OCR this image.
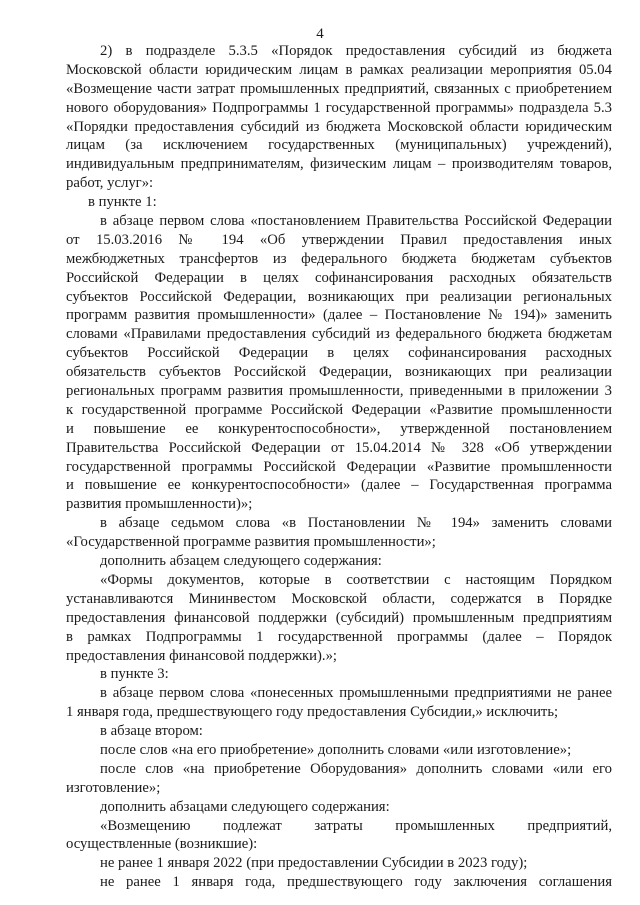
4
2) в подразделе 5.3.5 «Порядок предоставления субсидий из бюджета
Московской области юридическим лицам в рамках реализации мероприятия 05.04
«Возмещение части затрат промышленных предприятий, связанных с приобретением
нового оборудования» Подпрограммы 1 государственной программы» подраздела 5.3
«Порядки предоставления субсидий из бюджета Московской области юридическим
лицам (за исключением государственных (муниципальных) учреждений),
индивидуальным предпринимателям, физическим лицам – производителям товаров,
работ, услуг»:
в пункте 1:
в абзаце первом слова «постановлением Правительства Российской Федерации
от 15.03.2016 № 194 «Об утверждении Правил предоставления иных
межбюджетных трансфертов из федерального бюджета бюджетам субъектов
Российской Федерации в целях софинансирования расходных обязательств
субъектов Российской Федерации, возникающих при реализации региональных
программ развития промышленности» (далее – Постановление № 194)» заменить
словами «Правилами предоставления субсидий из федерального бюджета бюджетам
субъектов Российской Федерации в целях софинансирования расходных
обязательств субъектов Российской Федерации, возникающих при реализации
региональных программ развития промышленности, приведенными в приложении 3
к государственной программе Российской Федерации «Развитие промышленности
и повышение ее конкурентоспособности», утвержденной постановлением
Правительства Российской Федерации от 15.04.2014 № 328 «Об утверждении
государственной программы Российской Федерации «Развитие промышленности
и повышение ее конкурентоспособности» (далее – Государственная программа
развития промышленности)»;
в абзаце седьмом слова «в Постановлении № 194» заменить словами
«Государственной программе развития промышленности»;
дополнить абзацем следующего содержания:
«Формы документов, которые в соответствии с настоящим Порядком
устанавливаются Мининвестом Московской области, содержатся в Порядке
предоставления финансовой поддержки (субсидий) промышленным предприятиям
в рамках Подпрограммы 1 государственной программы (далее – Порядок
предоставления финансовой поддержки).»;
в пункте 3:
в абзаце первом слова «понесенных промышленными предприятиями не ранее
1 января года, предшествующего году предоставления Субсидии,» исключить;
в абзаце втором:
после слов «на его приобретение» дополнить словами «или изготовление»;
после слов «на приобретение Оборудования» дополнить словами «или его
изготовление»;
дополнить абзацами следующего содержания:
«Возмещению подлежат затраты промышленных предприятий,
осуществленные (возникшие):
не ранее 1 января 2022 (при предоставлении Субсидии в 2023 году);
не ранее 1 января года, предшествующего году заключения соглашения
